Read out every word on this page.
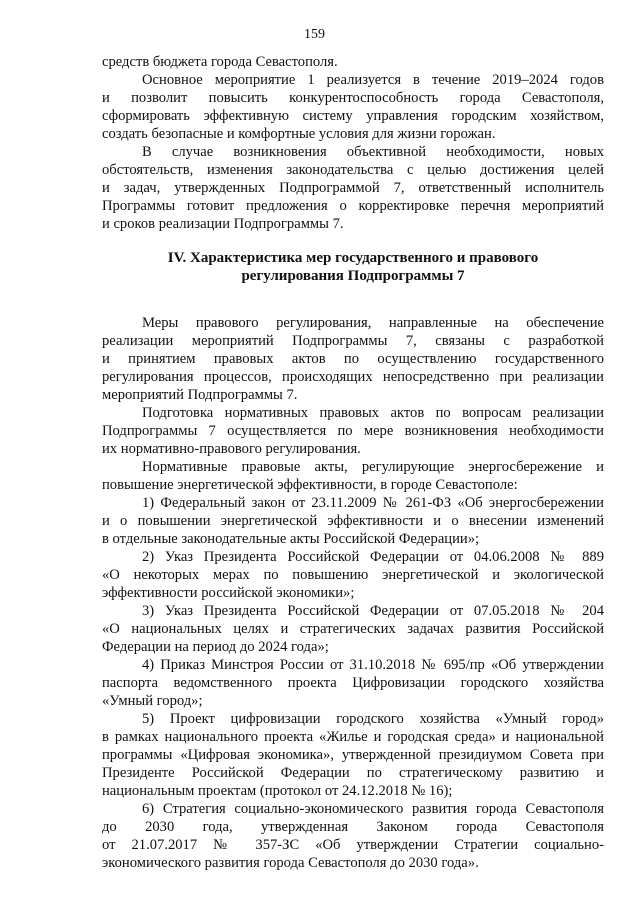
159
средств бюджета города Севастополя.
Основное мероприятие 1 реализуется в течение 2019–2024 годов
и позволит повысить конкурентоспособность города Севастополя,
сформировать эффективную систему управления городским хозяйством,
создать безопасные и комфортные условия для жизни горожан.
В случае возникновения объективной необходимости, новых
обстоятельств, изменения законодательства с целью достижения целей
и задач, утвержденных Подпрограммой 7, ответственный исполнитель
Программы готовит предложения о корректировке перечня мероприятий
и сроков реализации Подпрограммы 7.
IV. Характеристика мер государственного и правового
регулирования Подпрограммы 7
Меры правового регулирования, направленные на обеспечение
реализации мероприятий Подпрограммы 7, связаны с разработкой
и принятием правовых актов по осуществлению государственного
регулирования процессов, происходящих непосредственно при реализации
мероприятий Подпрограммы 7.
Подготовка нормативных правовых актов по вопросам реализации
Подпрограммы 7 осуществляется по мере возникновения необходимости
их нормативно-правового регулирования.
Нормативные правовые акты, регулирующие энергосбережение и
повышение энергетической эффективности, в городе Севастополе:
1) Федеральный закон от 23.11.2009 № 261-ФЗ «Об энергосбережении
и о повышении энергетической эффективности и о внесении изменений
в отдельные законодательные акты Российской Федерации»;
2) Указ Президента Российской Федерации от 04.06.2008 № 889
«О некоторых мерах по повышению энергетической и экологической
эффективности российской экономики»;
3) Указ Президента Российской Федерации от 07.05.2018 № 204
«О национальных целях и стратегических задачах развития Российской
Федерации на период до 2024 года»;
4) Приказ Минстроя России от 31.10.2018 № 695/пр «Об утверждении
паспорта ведомственного проекта Цифровизации городского хозяйства
«Умный город»;
5) Проект цифровизации городского хозяйства «Умный город»
в рамках национального проекта «Жилье и городская среда» и национальной
программы «Цифровая экономика», утвержденной президиумом Совета при
Президенте Российской Федерации по стратегическому развитию и
национальным проектам (протокол от 24.12.2018 № 16);
6) Стратегия социально-экономического развития города Севастополя
до 2030 года, утвержденная Законом города Севастополя
от 21.07.2017 № 357-ЗС «Об утверждении Стратегии социально-
экономического развития города Севастополя до 2030 года».
